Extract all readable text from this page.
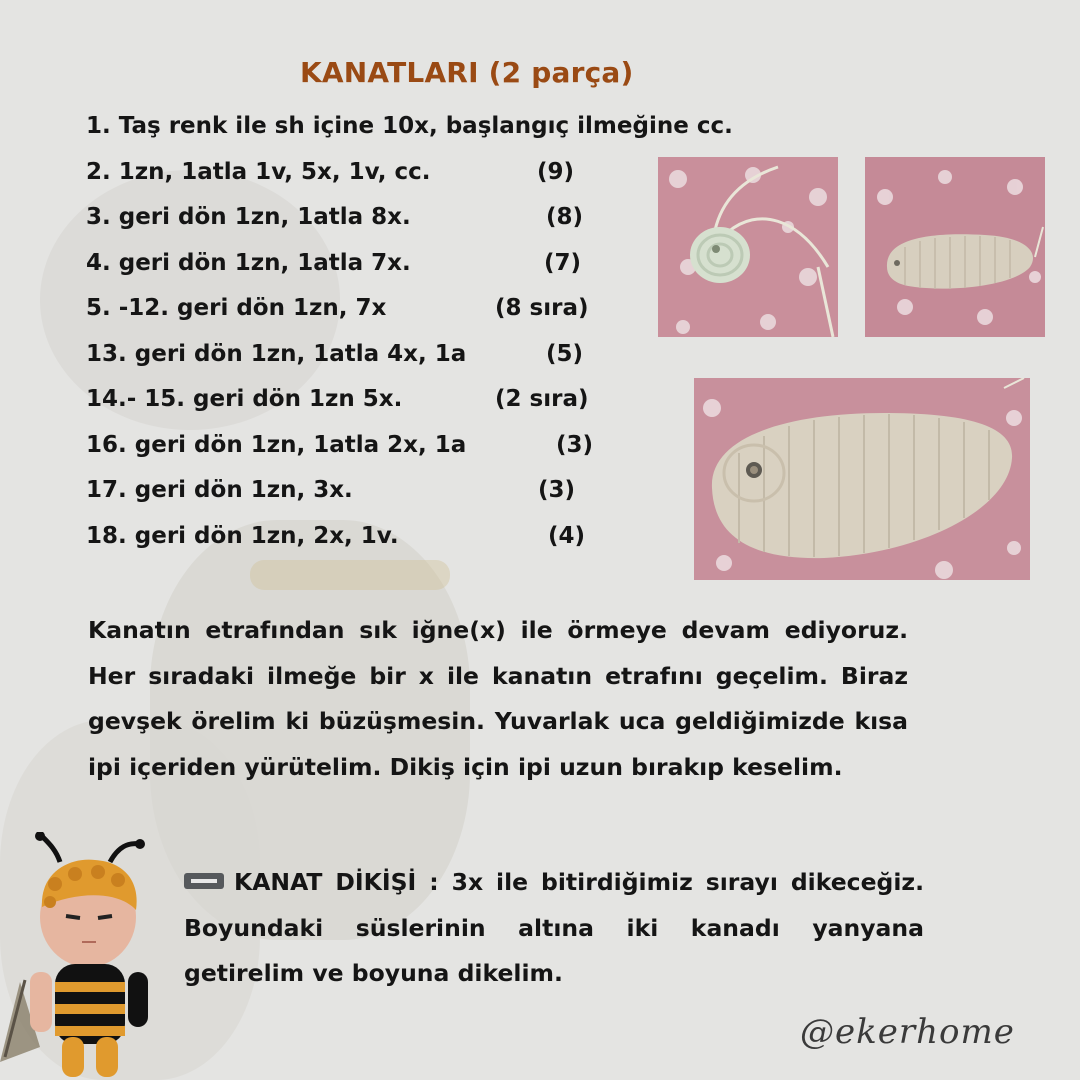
KANATLARI (2 parça)
1. Taş renk ile sh içine 10x, başlangıç ilmeğine cc.
2. 1zn, 1atla 1v, 5x, 1v, cc.	(9)
3. geri dön 1zn, 1atla 8x.	(8)
4. geri dön 1zn, 1atla 7x.	(7)
5. -12. geri dön 1zn, 7x	(8 sıra)
13. geri dön 1zn, 1atla 4x, 1a	(5)
14.- 15. geri dön 1zn 5x.	(2 sıra)
16. geri dön 1zn, 1atla 2x, 1a	(3)
17. geri dön 1zn, 3x.	(3)
18. geri dön 1zn, 2x, 1v.	(4)

Kanatın etrafından sık iğne(x) ile örmeye devam ediyoruz. Her sıradaki ilmeğe bir x ile kanatın etrafını geçelim. Biraz gevşek örelim ki büzüşmesin. Yuvarlak uca geldiğimizde kısa ipi içeriden yürütelim. Dikiş için ipi uzun bırakıp keselim.

KANAT DİKİŞİ : 3x ile bitirdiğimiz sırayı dikeceğiz. Boyundaki süslerinin altına iki kanadı yanyana getirelim ve boyuna dikelim.

@ekerhome
